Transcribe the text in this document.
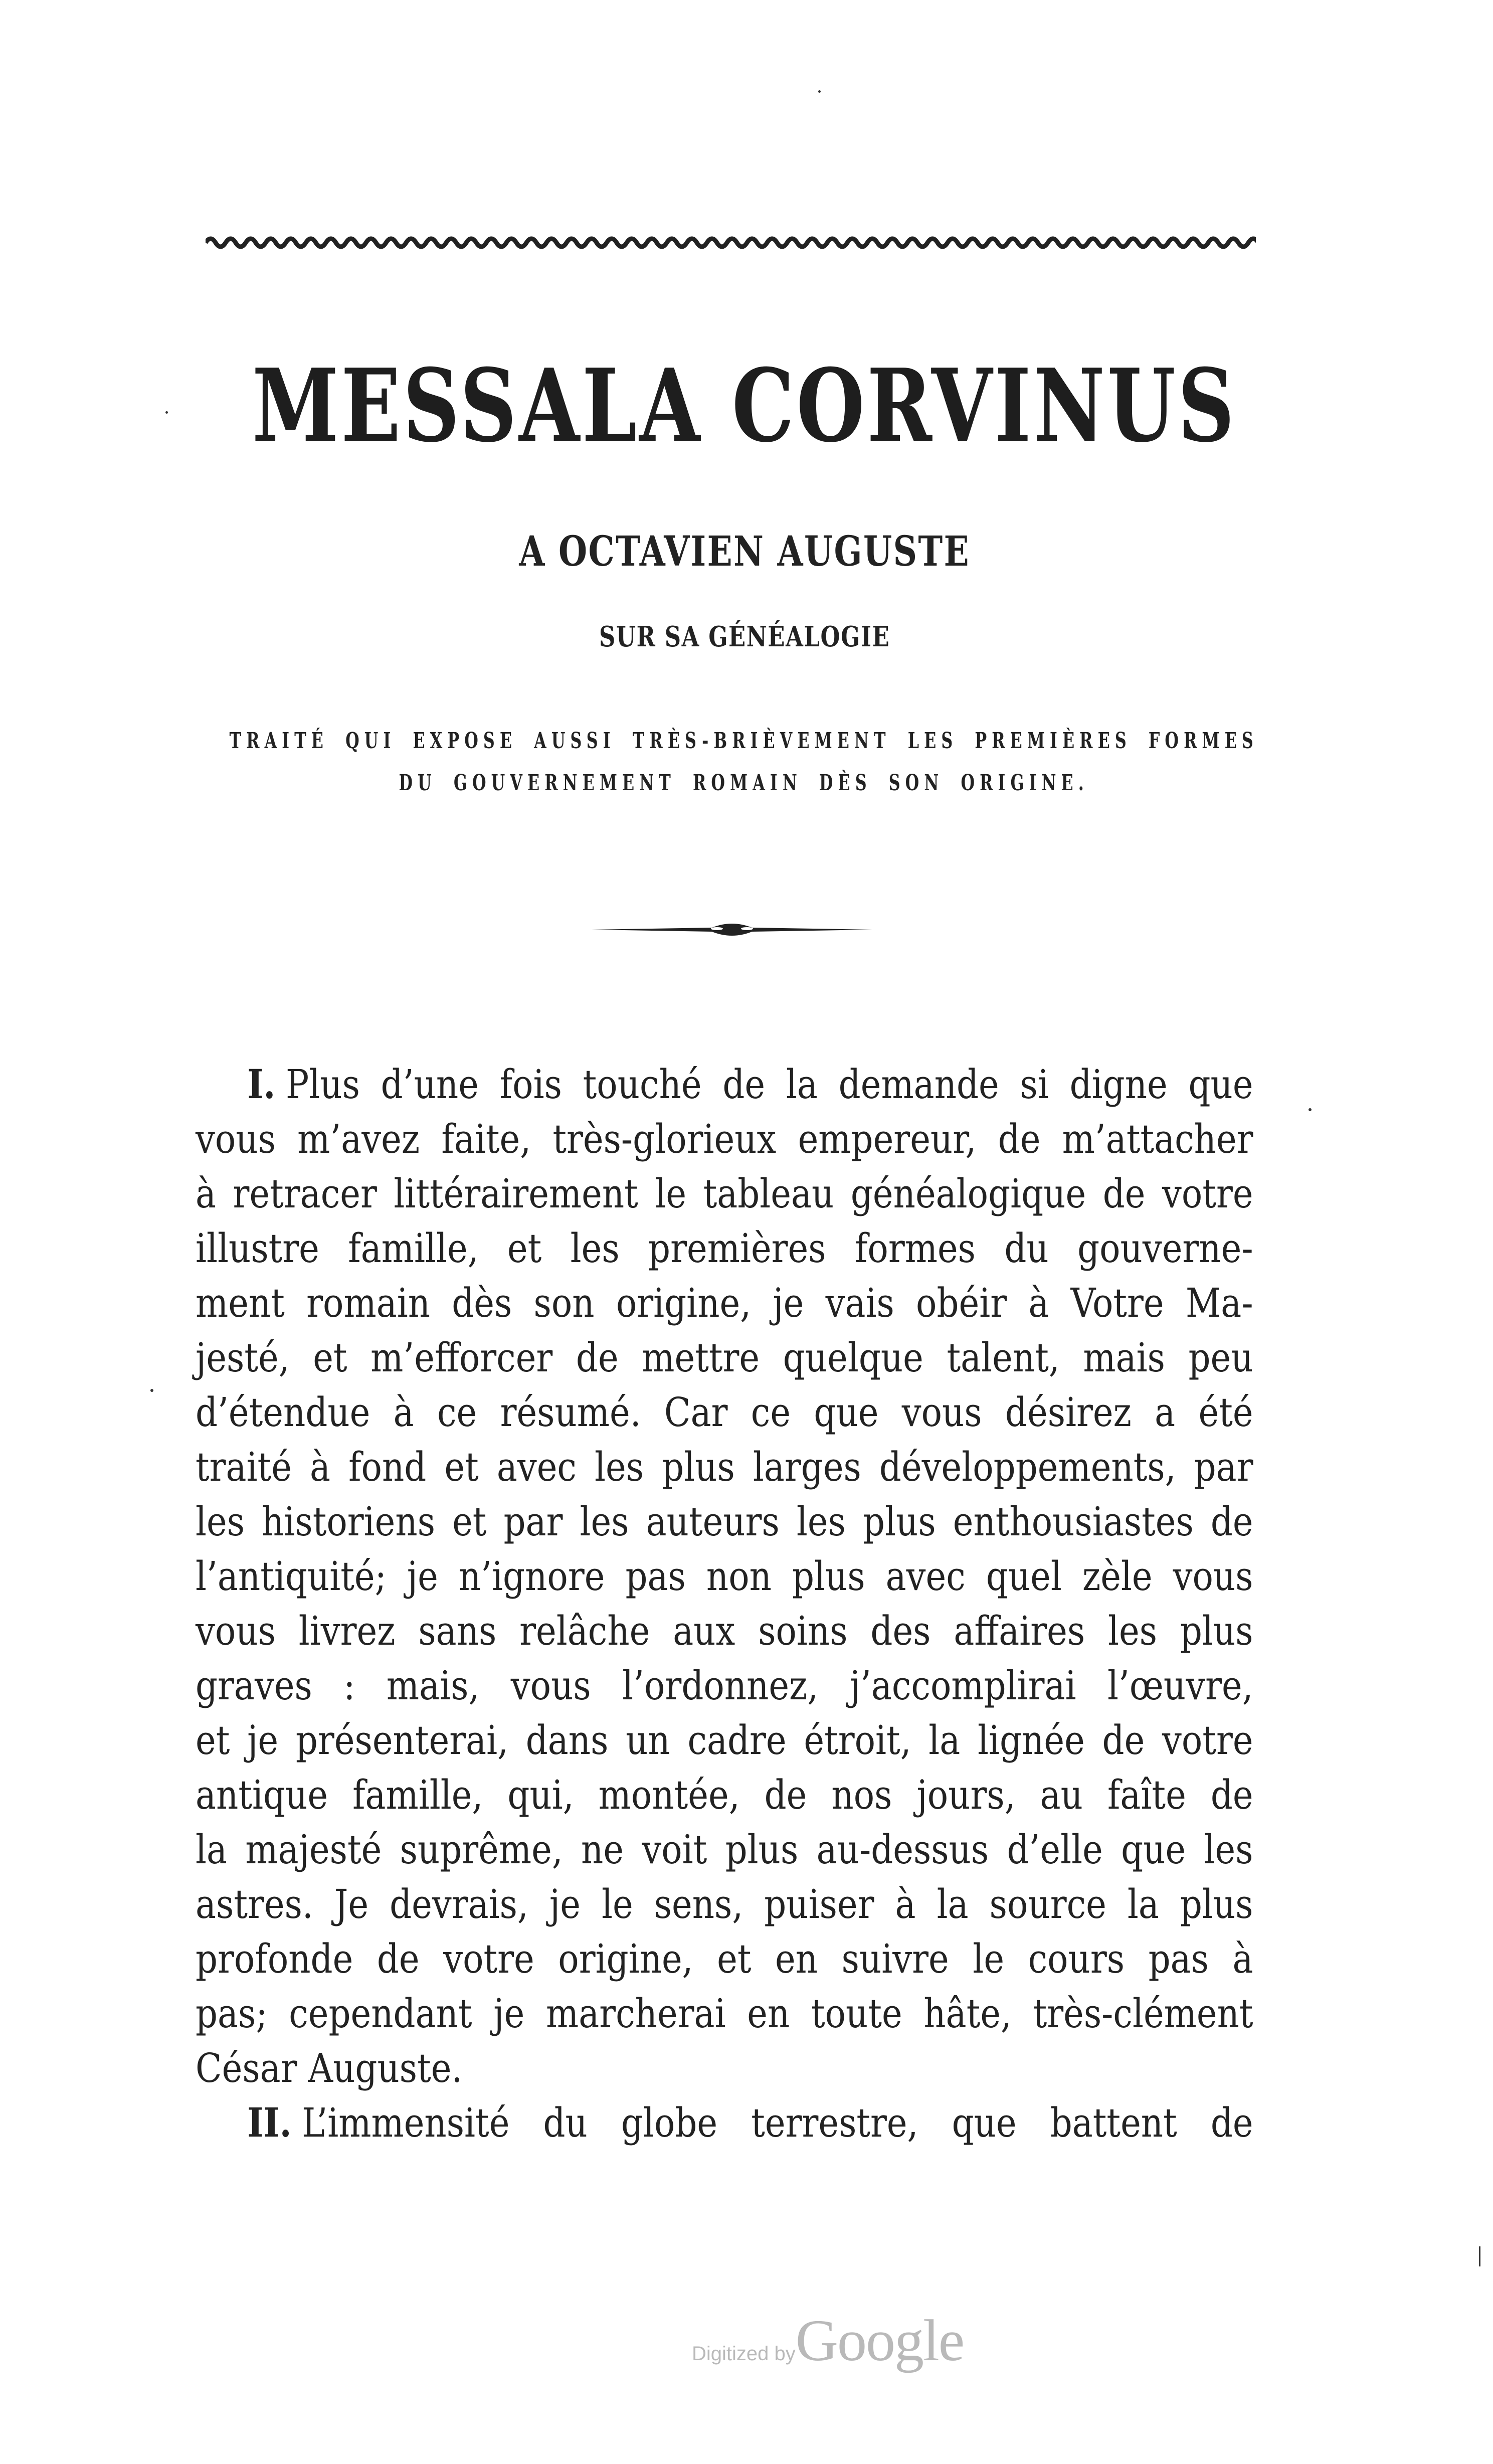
MESSALA CORVINUS
A OCTAVIEN AUGUSTE
SUR SA GÉNÉALOGIE
TRAITÉ QUI EXPOSE AUSSI TRÈS-BRIÈVEMENT LES PREMIÈRES FORMES
DU GOUVERNEMENT ROMAIN DÈS SON ORIGINE.
I. Plus d’une fois touché de la demande si digne que
vous m’avez faite, très-glorieux empereur, de m’attacher
à retracer littérairement le tableau généalogique de votre
illustre famille, et les premières formes du gouverne-
ment romain dès son origine, je vais obéir à Votre Ma-
jesté, et m’efforcer de mettre quelque talent, mais peu
d’étendue à ce résumé. Car ce que vous désirez a été
traité à fond et avec les plus larges développements, par
les historiens et par les auteurs les plus enthousiastes de
l’antiquité; je n’ignore pas non plus avec quel zèle vous
vous livrez sans relâche aux soins des affaires les plus
graves : mais, vous l’ordonnez, j’accomplirai l’œuvre,
et je présenterai, dans un cadre étroit, la lignée de votre
antique famille, qui, montée, de nos jours, au faîte de
la majesté suprême, ne voit plus au-dessus d’elle que les
astres. Je devrais, je le sens, puiser à la source la plus
profonde de votre origine, et en suivre le cours pas à
pas; cependant je marcherai en toute hâte, très-clément
César Auguste.
II. L’immensité du globe terrestre, que battent de
Digitized byGoogle
